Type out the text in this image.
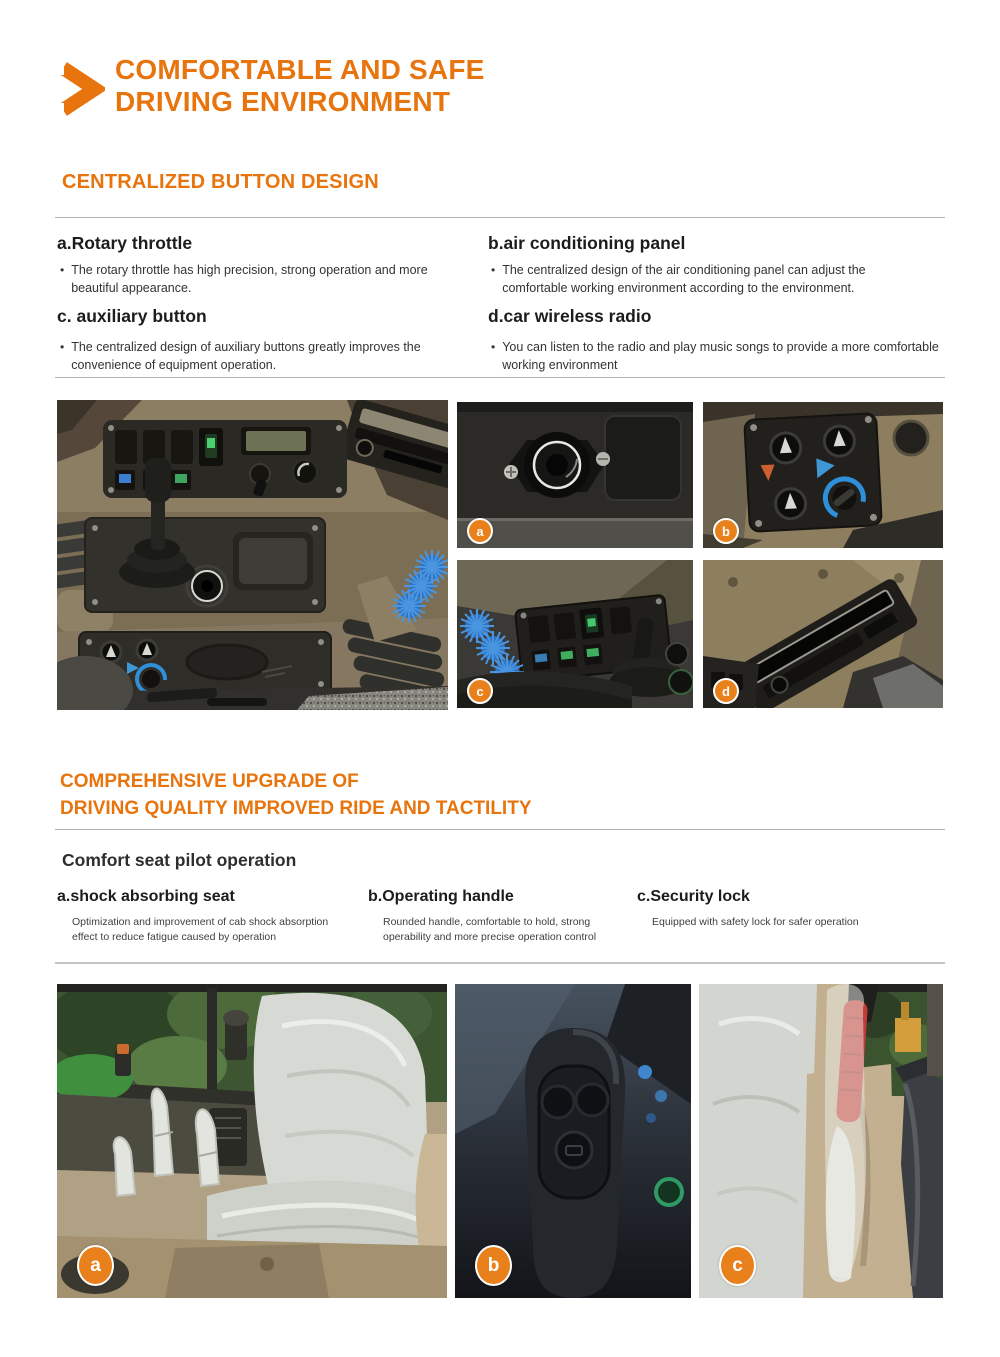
COMFORTABLE AND SAFE
DRIVING ENVIRONMENT
CENTRALIZED BUTTON DESIGN
a.Rotary throttle
• The rotary throttle has high precision, strong operation and more beautiful appearance.

b.air conditioning panel
• The centralized design of the air conditioning panel can adjust the comfortable working environment according to the environment.

c. auxiliary button
• The centralized design of auxiliary buttons greatly improves the convenience of equipment operation.

d.car wireless radio
• You can listen to the radio and play music songs to provide a more comfortable working environment

a	b
c	d
COMPREHENSIVE UPGRADE OF
DRIVING QUALITY IMPROVED RIDE AND TACTILITY
Comfort seat pilot operation
a.shock absorbing seat

Optimization and improvement of cab shock absorption effect to reduce fatigue caused by operation

b.Operating handle

Rounded handle, comfortable to hold, strong operability and more precise operation control

c.Security lock

Equipped with safety lock for safer operation

a	b	c
